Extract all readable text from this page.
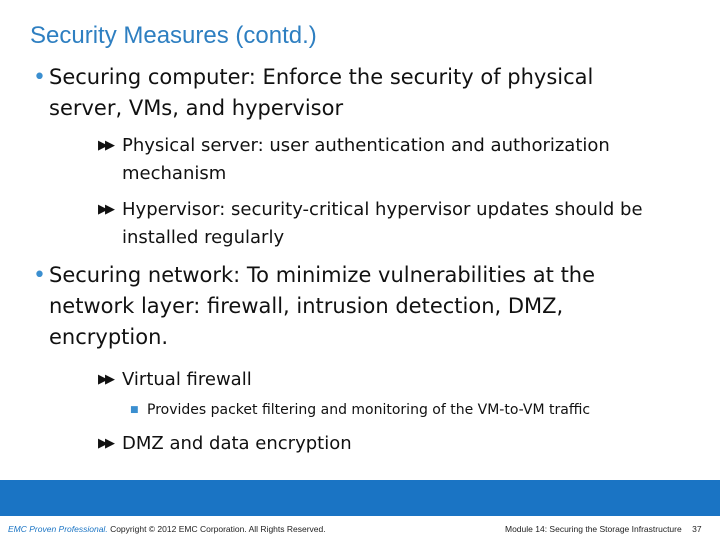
Security Measures (contd.)
• Securing computer: Enforce the security of physical server, VMs, and hypervisor
▶▶ Physical server: user authentication and authorization mechanism
▶▶ Hypervisor: security-critical hypervisor updates should be installed regularly
• Securing network: To minimize vulnerabilities at the network layer: firewall, intrusion detection, DMZ, encryption.
▶▶ Virtual firewall
■ Provides packet filtering and monitoring of the VM-to-VM traffic
▶▶ DMZ and data encryption
EMC Proven Professional. Copyright © 2012 EMC Corporation. All Rights Reserved.	Module 14: Securing the Storage Infrastructure 37
